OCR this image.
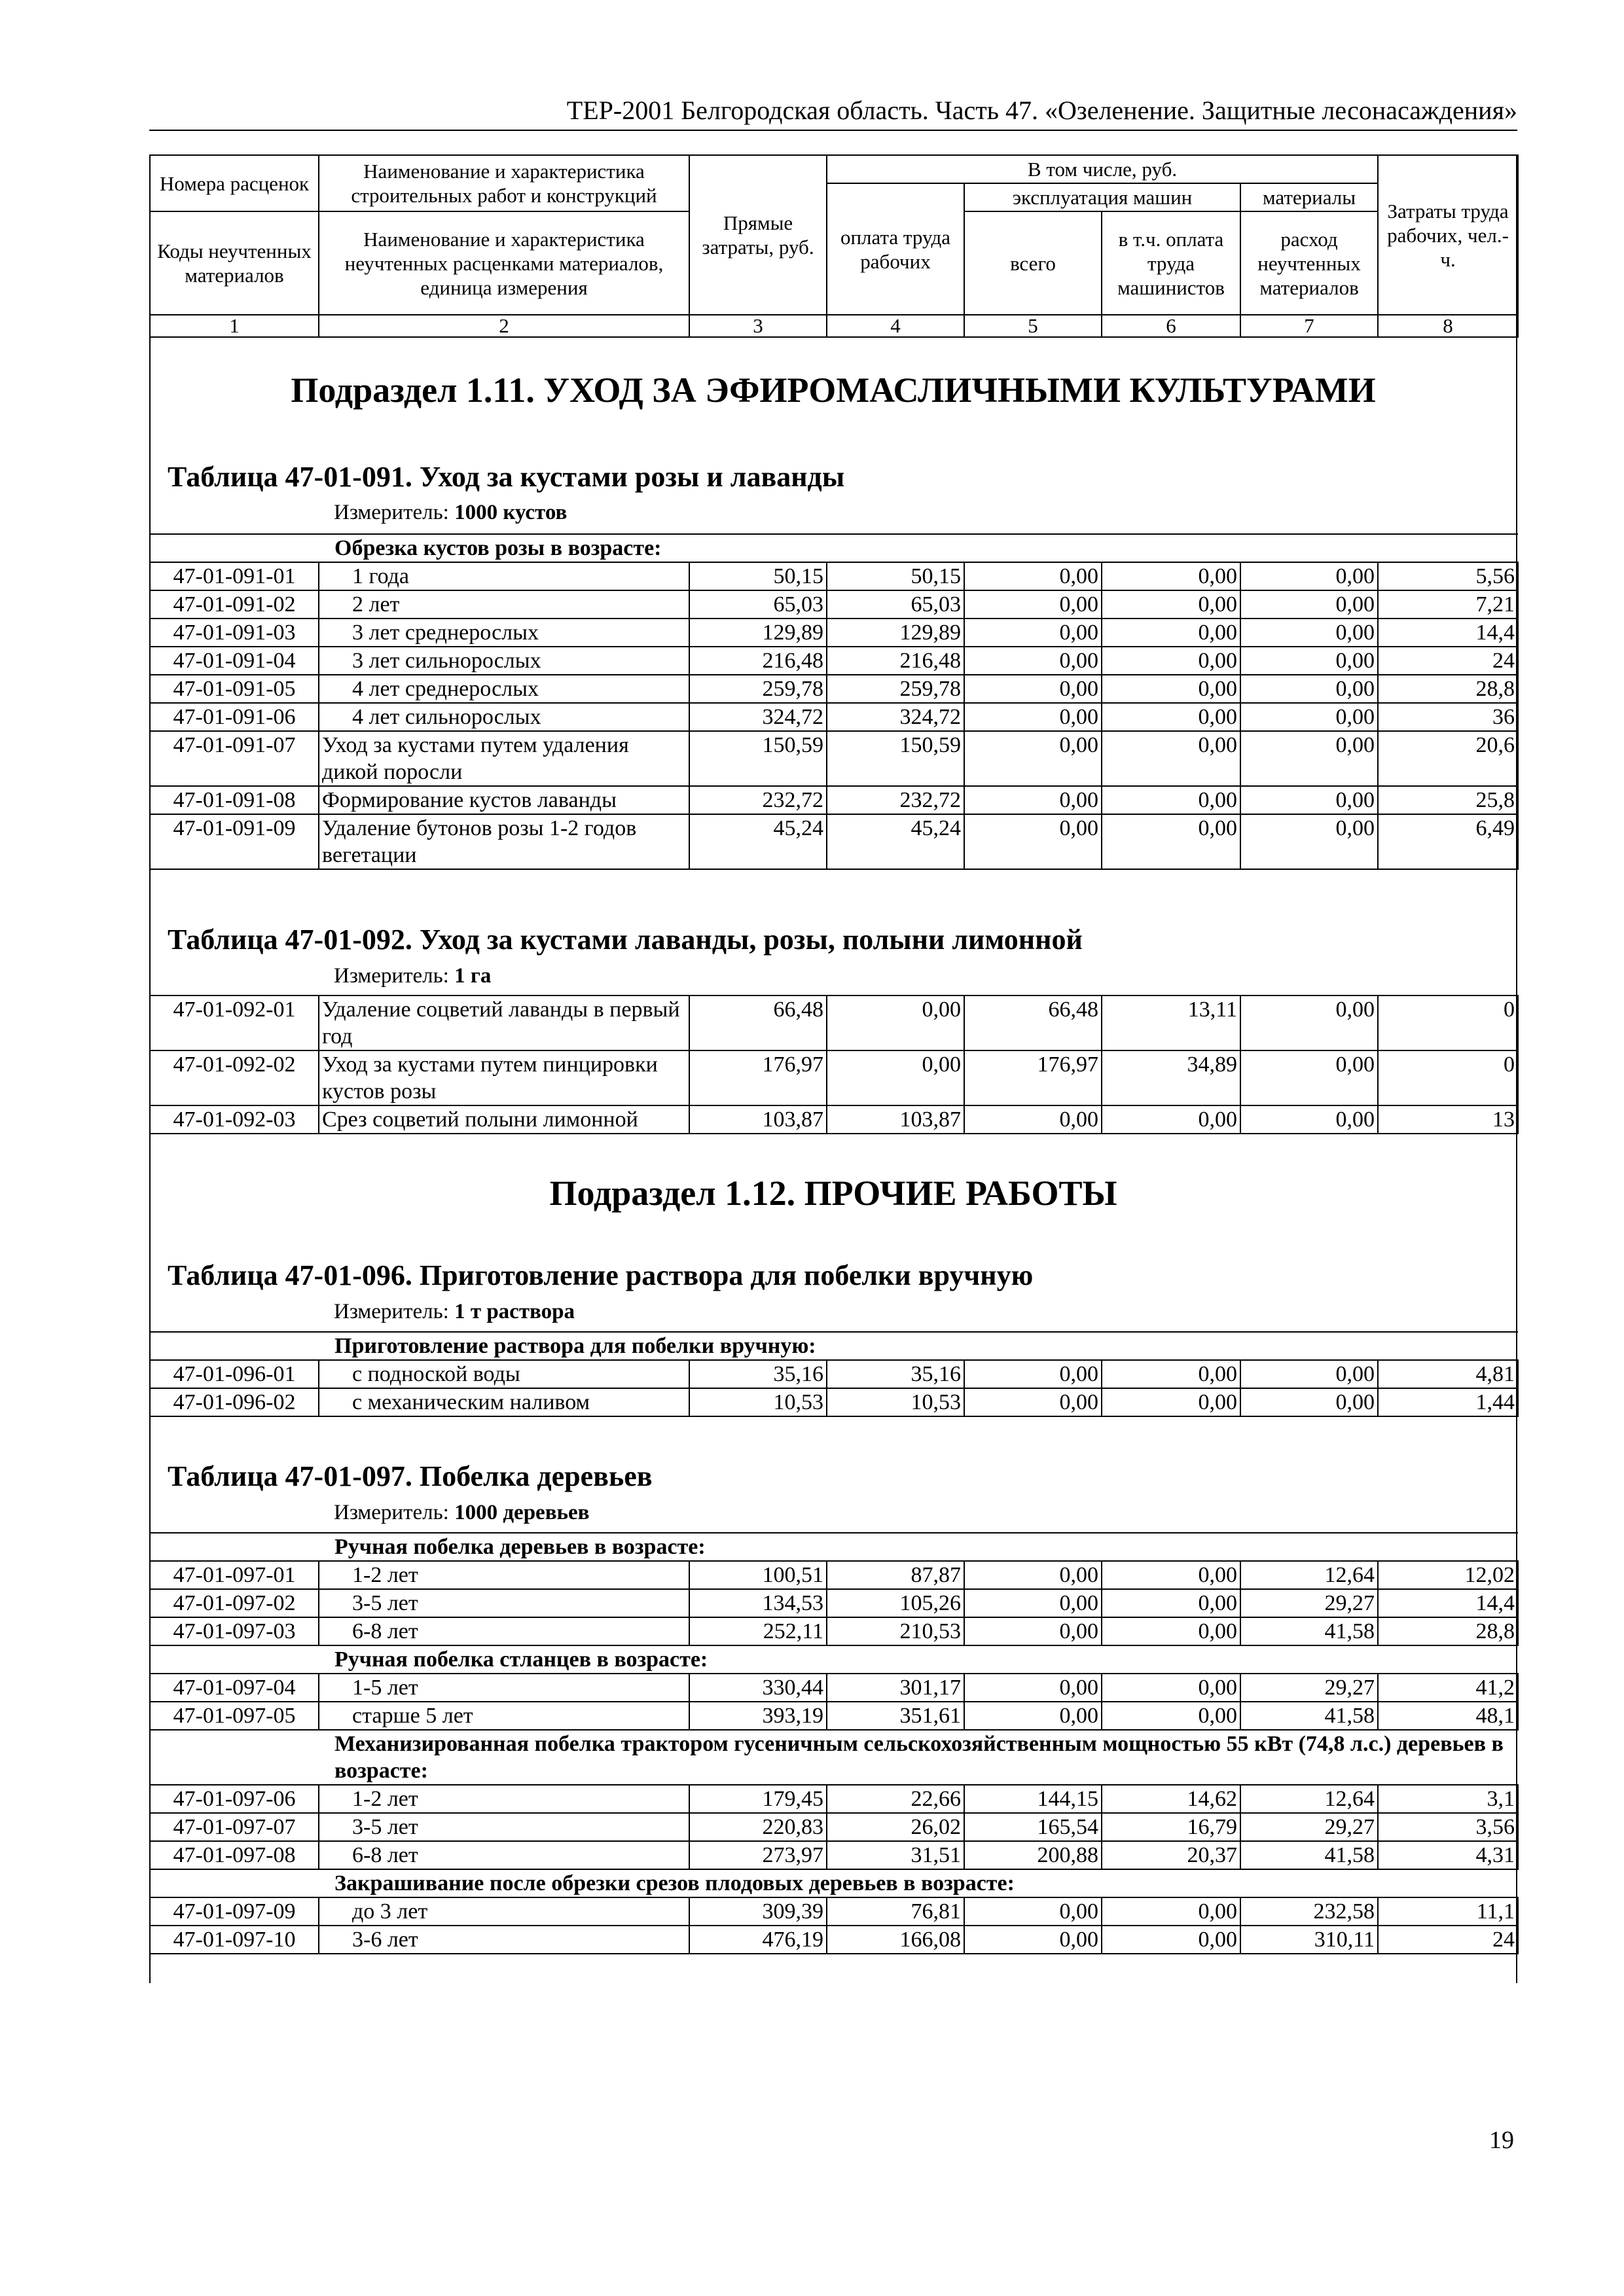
ТЕР-2001 Белгородская область. Часть 47. «Озеленение. Защитные лесонасаждения»
Номера расценок	Наименование и характеристика строительных работ и конструкций	Прямые затраты, руб.	В том числе, руб.				Затраты труда рабочих, чел.-ч.
			оплата труда рабочих	эксплуатация машин		материалы	
Коды неучтенных материалов	Наименование и характеристика неучтенных расценками материалов, единица измерения			всего	в т.ч. оплата труда машинистов	расход неучтенных материалов	

1	2	3	4	5	6	7	8
Подраздел 1.11. УХОД ЗА ЭФИРОМАСЛИЧНЫМИ КУЛЬТУРАМИ
Таблица 47-01-091. Уход за кустами розы и лаванды
Измеритель: 1000 кустов
Обрезка кустов розы в возрасте:							
47-01-091-01	1 года	50,15	50,15	0,00	0,00	0,00	5,56
47-01-091-02	2 лет	65,03	65,03	0,00	0,00	0,00	7,21
47-01-091-03	3 лет среднерослых	129,89	129,89	0,00	0,00	0,00	14,4
47-01-091-04	3 лет сильнорослых	216,48	216,48	0,00	0,00	0,00	24
47-01-091-05	4 лет среднерослых	259,78	259,78	0,00	0,00	0,00	28,8
47-01-091-06	4 лет сильнорослых	324,72	324,72	0,00	0,00	0,00	36
47-01-091-07	Уход за кустами путем удаления дикой поросли	150,59	150,59	0,00	0,00	0,00	20,6
47-01-091-08	Формирование кустов лаванды	232,72	232,72	0,00	0,00	0,00	25,8
47-01-091-09	Удаление бутонов розы 1-2 годов вегетации	45,24	45,24	0,00	0,00	0,00	6,49
Таблица 47-01-092. Уход за кустами лаванды, розы, полыни лимонной
Измеритель: 1 га
47-01-092-01	Удаление соцветий лаванды в первый год	66,48	0,00	66,48	13,11	0,00	0
47-01-092-02	Уход за кустами путем пинцировки кустов розы	176,97	0,00	176,97	34,89	0,00	0
47-01-092-03	Срез соцветий полыни лимонной	103,87	103,87	0,00	0,00	0,00	13
Подраздел 1.12. ПРОЧИЕ РАБОТЫ
Таблица 47-01-096. Приготовление раствора для побелки вручную
Измеритель: 1 т раствора
Приготовление раствора для побелки вручную:							
47-01-096-01	с подноской воды	35,16	35,16	0,00	0,00	0,00	4,81
47-01-096-02	с механическим наливом	10,53	10,53	0,00	0,00	0,00	1,44
Таблица 47-01-097. Побелка деревьев
Измеритель: 1000 деревьев
Ручная побелка деревьев в возрасте:							
47-01-097-01	1-2 лет	100,51	87,87	0,00	0,00	12,64	12,02
47-01-097-02	3-5 лет	134,53	105,26	0,00	0,00	29,27	14,4
47-01-097-03	6-8 лет	252,11	210,53	0,00	0,00	41,58	28,8
Ручная побелка стланцев в возрасте:							
47-01-097-04	1-5 лет	330,44	301,17	0,00	0,00	29,27	41,2
47-01-097-05	старше 5 лет	393,19	351,61	0,00	0,00	41,58	48,1
Механизированная побелка трактором гусеничным сельскохозяйственным мощностью 55 кВт (74,8 л.с.) деревьев в возрасте:							
47-01-097-06	1-2 лет	179,45	22,66	144,15	14,62	12,64	3,1
47-01-097-07	3-5 лет	220,83	26,02	165,54	16,79	29,27	3,56
47-01-097-08	6-8 лет	273,97	31,51	200,88	20,37	41,58	4,31
Закрашивание после обрезки срезов плодовых деревьев в возрасте:							
47-01-097-09	до 3 лет	309,39	76,81	0,00	0,00	232,58	11,1
47-01-097-10	3-6 лет	476,19	166,08	0,00	0,00	310,11	24
19
